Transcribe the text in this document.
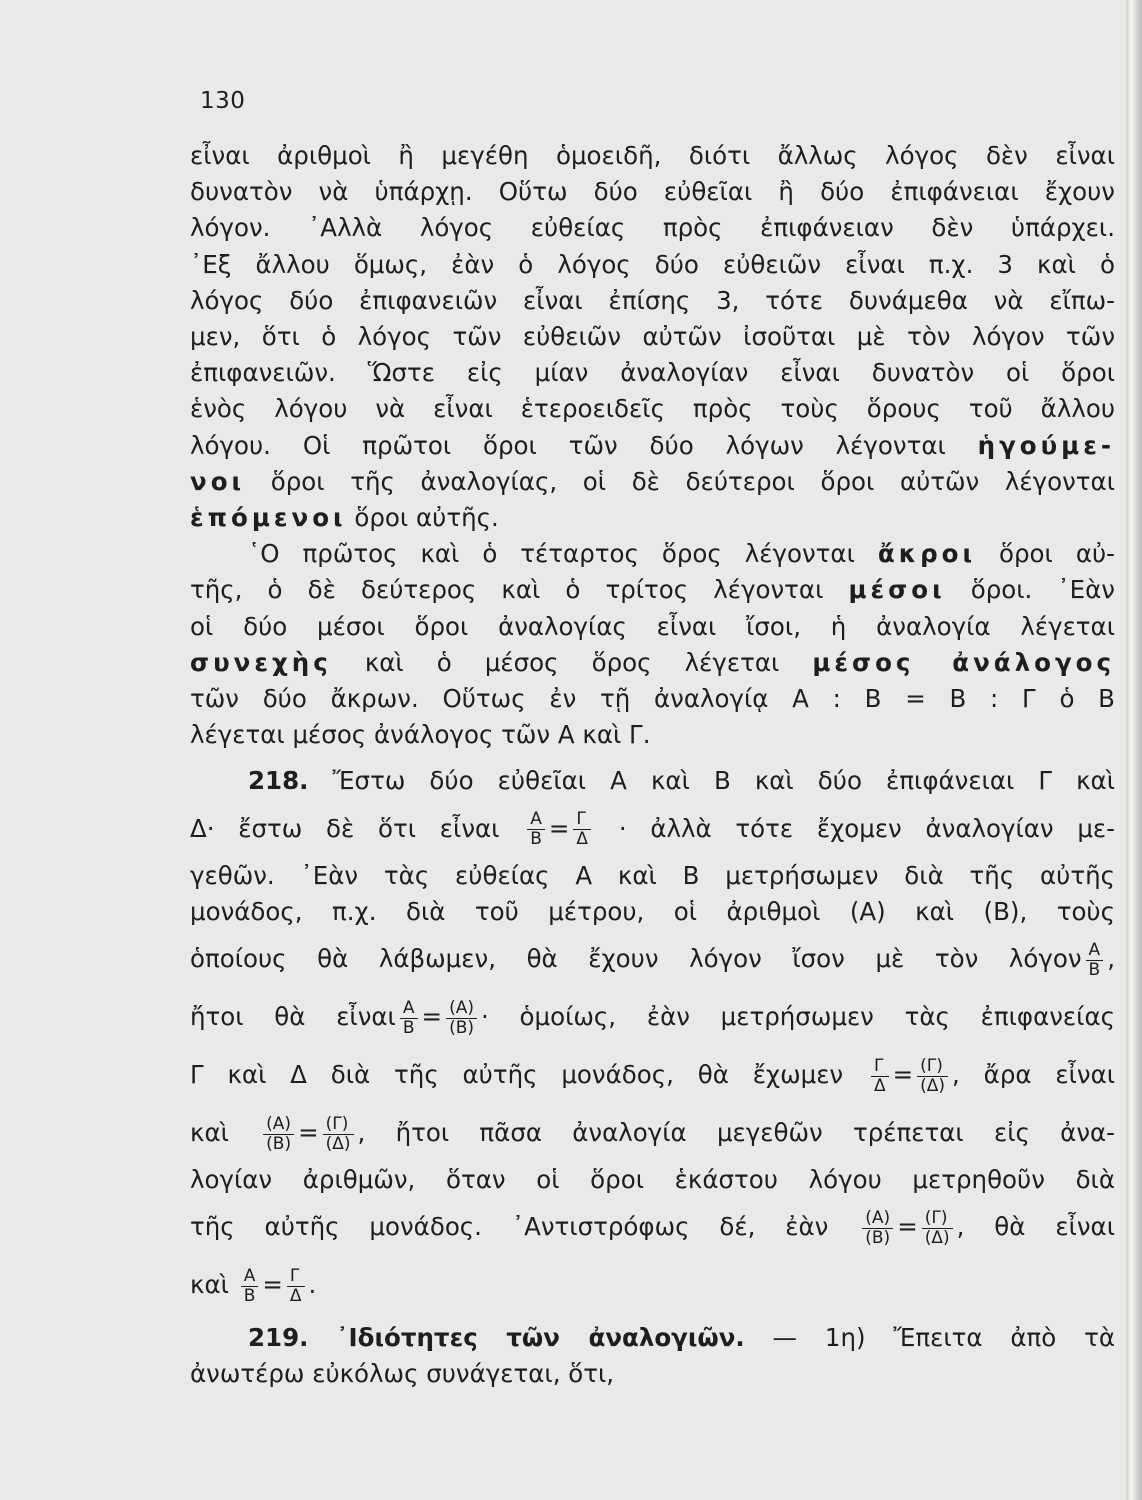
130
εἶναι ἀριθμοὶ ἢ μεγέθη ὁμοειδῆ, διότι ἄλλως λόγος δὲν εἶναι
δυνατὸν νὰ ὑπάρχῃ. Οὕτω δύο εὐθεῖαι ἢ δύο ἐπιφάνειαι ἔχουν
λόγον. ᾿Αλλὰ λόγος εὐθείας πρὸς ἐπιφάνειαν δὲν ὑπάρχει.
᾿Εξ ἄλλου ὅμως, ἐὰν ὁ λόγος δύο εὐθειῶν εἶναι π.χ. 3 καὶ ὁ
λόγος δύο ἐπιφανειῶν εἶναι ἐπίσης 3, τότε δυνάμεθα νὰ εἴπω-
μεν, ὅτι ὁ λόγος τῶν εὐθειῶν αὐτῶν ἰσοῦται μὲ τὸν λόγον τῶν
ἐπιφανειῶν. Ὥστε εἰς μίαν ἀναλογίαν εἶναι δυνατὸν οἱ ὅροι
ἑνὸς λόγου νὰ εἶναι ἑτεροειδεῖς πρὸς τοὺς ὅρους τοῦ ἄλλου
λόγου. Οἱ πρῶτοι ὅροι τῶν δύο λόγων λέγονται ἡγούμε-
νοι ὅροι τῆς ἀναλογίας, οἱ δὲ δεύτεροι ὅροι αὐτῶν λέγονται
ἑπόμενοι ὅροι αὐτῆς.
῾Ο πρῶτος καὶ ὁ τέταρτος ὅρος λέγονται ἄκροι ὅροι αὐ-
τῆς, ὁ δὲ δεύτερος καὶ ὁ τρίτος λέγονται μέσοι ὅροι. ᾿Εὰν
οἱ δύο μέσοι ὅροι ἀναλογίας εἶναι ἴσοι, ἡ ἀναλογία λέγεται
συνεχὴς καὶ ὁ μέσος ὅρος λέγεται μέσος ἀνάλογος
τῶν δύο ἄκρων. Οὕτως ἐν τῇ ἀναλογίᾳ Α : Β = Β : Γ ὁ Β
λέγεται μέσος ἀνάλογος τῶν Α καὶ Γ.
218. Ἔστω δύο εὐθεῖαι Α καὶ Β καὶ δύο ἐπιφάνειαι Γ καὶ
Δ· ἔστω δὲ ὅτι εἶναι $\frac{A}{B} = \frac{\Gamma}{\Delta}$ · ἀλλὰ τότε ἔχομεν ἀναλογίαν με-
γεθῶν. ᾿Εὰν τὰς εὐθείας Α καὶ Β μετρήσωμεν διὰ τῆς αὐτῆς
μονάδος, π.χ. διὰ τοῦ μέτρου, οἱ ἀριθμοὶ (Α) καὶ (Β), τοὺς
ὁποίους θὰ λάβωμεν, θὰ ἔχουν λόγον ἴσον μὲ τὸν λόγον $\frac{A}{B}$ ,
ἤτοι θὰ εἶναι $\frac{A}{B} = \frac{(A)}{(B)}$ · ὁμοίως, ἐὰν μετρήσωμεν τὰς ἐπιφανείας
Γ καὶ Δ διὰ τῆς αὐτῆς μονάδος, θὰ ἔχωμεν $\frac{\Gamma}{\Delta} = \frac{(\Gamma)}{(\Delta)}$ , ἄρα εἶναι
καὶ $\frac{(A)}{(B)} = \frac{(\Gamma)}{(\Delta)}$ , ἤτοι πᾶσα ἀναλογία μεγεθῶν τρέπεται εἰς ἀνα-
λογίαν ἀριθμῶν, ὅταν οἱ ὅροι ἑκάστου λόγου μετρηθοῦν διὰ
τῆς αὐτῆς μονάδος. ᾿Αντιστρόφως δέ, ἐὰν $\frac{(A)}{(B)} = \frac{(\Gamma)}{(\Delta)}$ , θὰ εἶναι
καὶ $\frac{A}{B} = \frac{\Gamma}{\Delta}$ .
219. ᾿Ιδιότητες τῶν ἀναλογιῶν. — 1η) Ἔπειτα ἀπὸ τὰ
ἀνωτέρω εὐκόλως συνάγεται, ὅτι,
